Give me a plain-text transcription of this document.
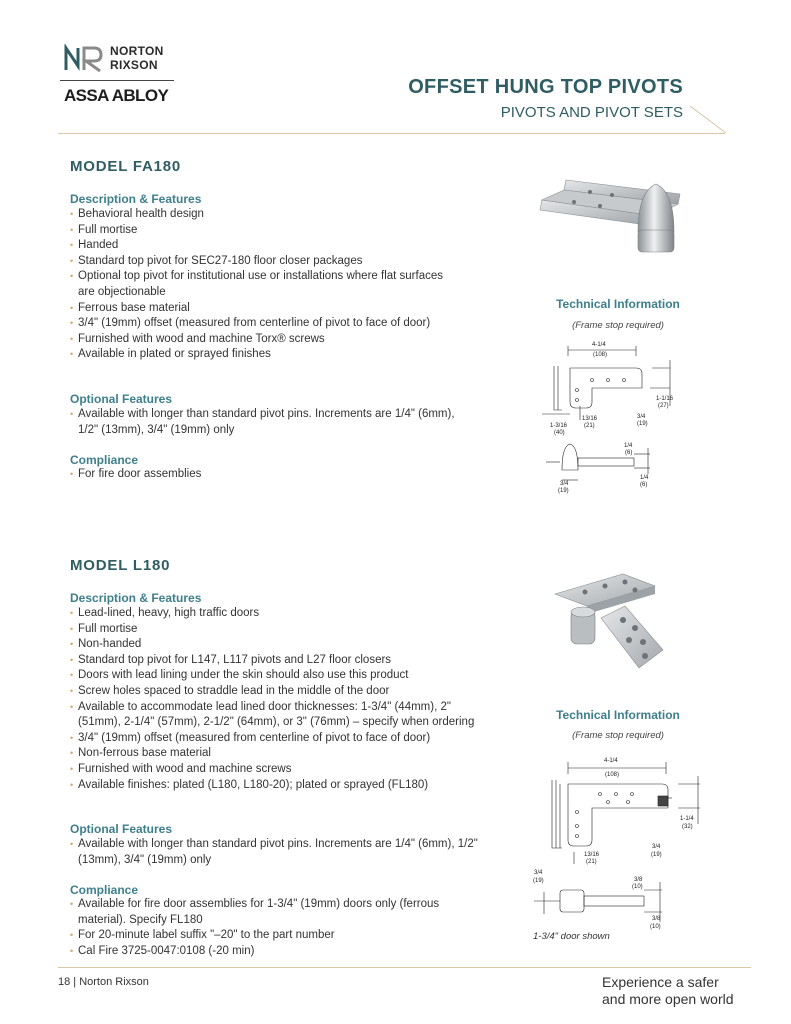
NORTON
RIXSON
ASSA ABLOY	OFFSET HUNG TOP PIVOTS
PIVOTS AND PIVOT SETS
MODEL FA180
Description & Features
• Behavioral health design
• Full mortise
• Handed
• Standard top pivot for SEC27-180 floor closer packages
• Optional top pivot for institutional use or installations where flat surfaces are objectionable
• Ferrous base material
• 3/4" (19mm) offset (measured from centerline of pivot to face of door)
• Furnished with wood and machine Torx® screws
• Available in plated or sprayed finishes
Optional Features
• Available with longer than standard pivot pins. Increments are 1/4" (6mm), 1/2" (13mm), 3/4" (19mm) only
Compliance
• For fire door assemblies
Technical Information
(Frame stop required)
4-1/4
(108)
1-1/16
(27)
1-3/16
(40)
13/16
(21)
3/4
(19)
1/4
(6)
1/4
(6)
3/4
(19)
MODEL L180
Description & Features
• Lead-lined, heavy, high traffic doors
• Full mortise
• Non-handed
• Standard top pivot for L147, L117 pivots and L27 floor closers
• Doors with lead lining under the skin should also use this product
• Screw holes spaced to straddle lead in the middle of the door
• Available to accommodate lead lined door thicknesses: 1-3/4" (44mm), 2" (51mm), 2-1/4" (57mm), 2-1/2" (64mm), or 3" (76mm) – specify when ordering
• 3/4" (19mm) offset (measured from centerline of pivot to face of door)
• Non-ferrous base material
• Furnished with wood and machine screws
• Available finishes: plated (L180, L180-20); plated or sprayed (FL180)
Optional Features
• Available with longer than standard pivot pins. Increments are 1/4" (6mm), 1/2" (13mm), 3/4" (19mm) only
Compliance
• Available for fire door assemblies for 1-3/4" (19mm) doors only (ferrous material). Specify FL180
• For 20-minute label suffix "–20" to the part number
• Cal Fire 3725-0047:0108 (-20 min)
Technical Information
(Frame stop required)
4-1/4
(108)
1-1/4
(32)
13/16
(21)
3/4
(19)
3/4
(19)	3/8
(10)
3/8
(10)
1-3/4" door shown
18 | Norton Rixson	Experience a safer
and more open world
